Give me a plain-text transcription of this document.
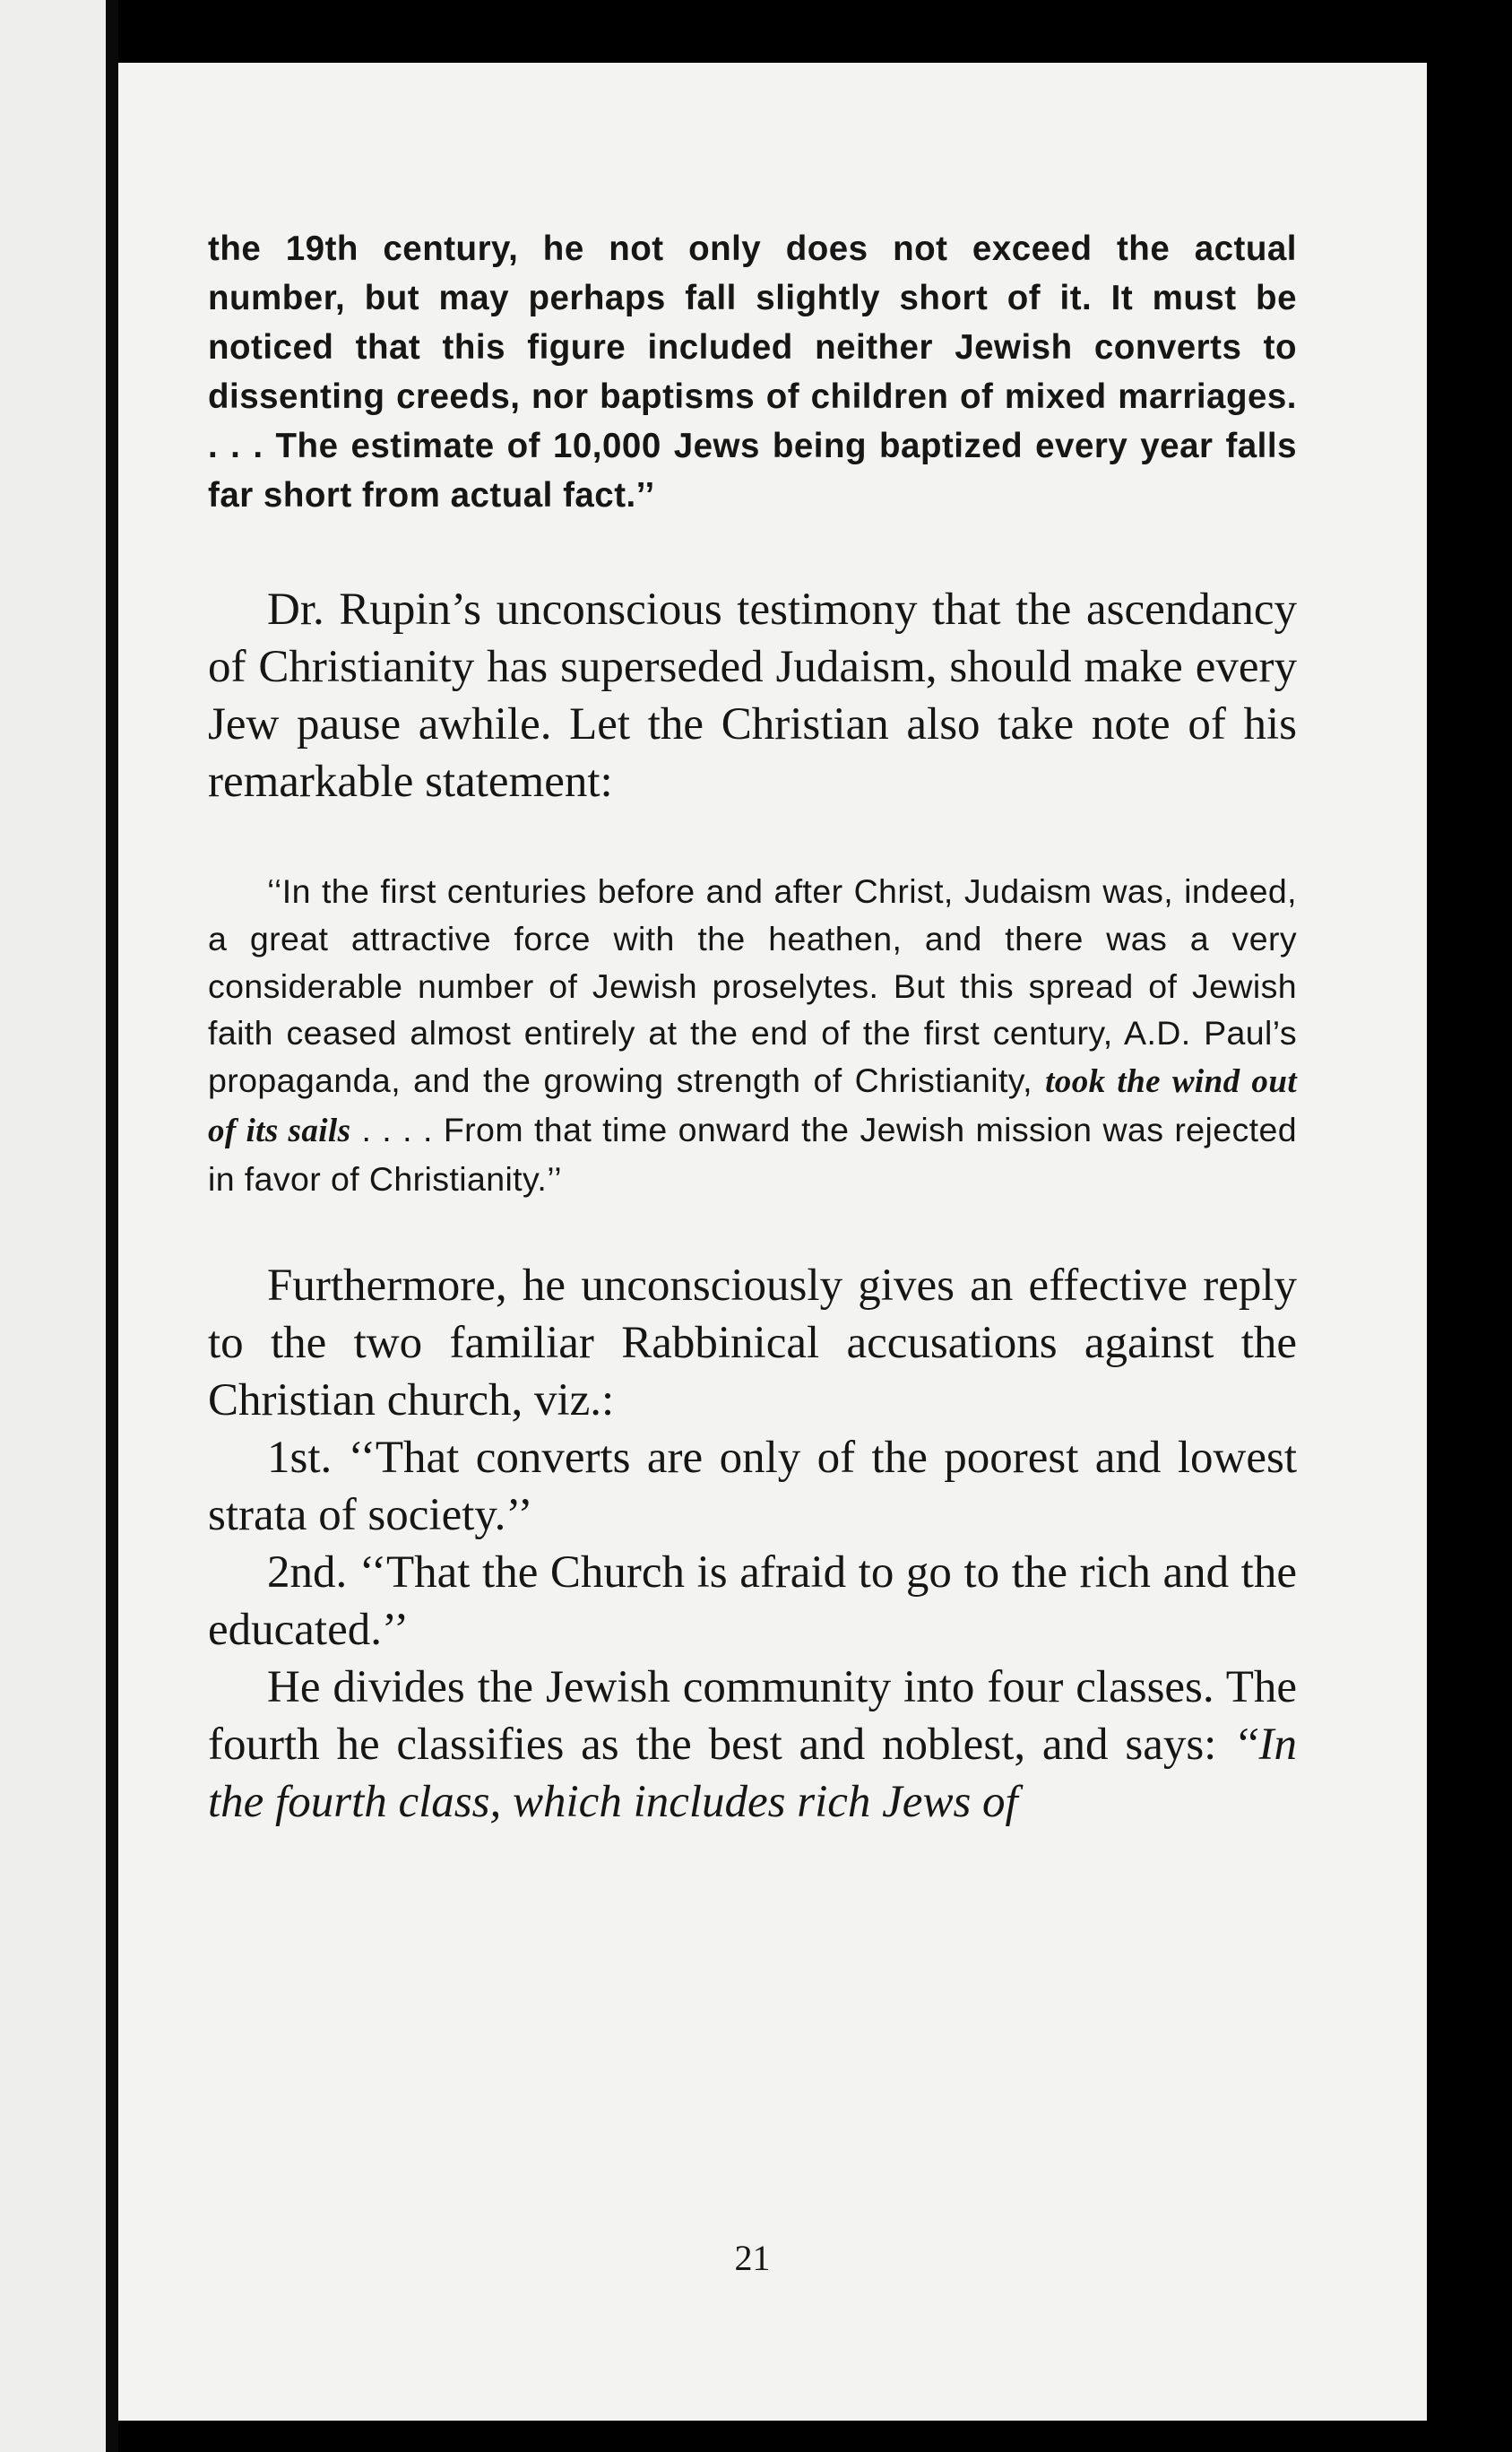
the 19th century, he not only does not exceed the actual number, but may perhaps fall slightly short of it. It must be noticed that this figure included neither Jewish converts to dissenting creeds, nor baptisms of children of mixed marriages. . . . The estimate of 10,000 Jews being baptized every year falls far short from actual fact.’’

Dr. Rupin’s unconscious testimony that the ascendancy of Christianity has superseded Judaism, should make every Jew pause awhile. Let the Christian also take note of his remarkable statement:

‘‘In the first centuries before and after Christ, Judaism was, indeed, a great attractive force with the heathen, and there was a very considerable number of Jewish proselytes. But this spread of Jewish faith ceased almost entirely at the end of the first century, A.D. Paul’s propaganda, and the growing strength of Christianity, took the wind out of its sails . . . . From that time onward the Jewish mission was rejected in favor of Christianity.’’

Furthermore, he unconsciously gives an effective reply to the two familiar Rabbinical accusations against the Christian church, viz.:

1st. ‘‘That converts are only of the poorest and lowest strata of society.’’

2nd. ‘‘That the Church is afraid to go to the rich and the educated.’’

He divides the Jewish community into four classes. The fourth he classifies as the best and noblest, and says: ‘‘In the fourth class, which includes rich Jews of

21
